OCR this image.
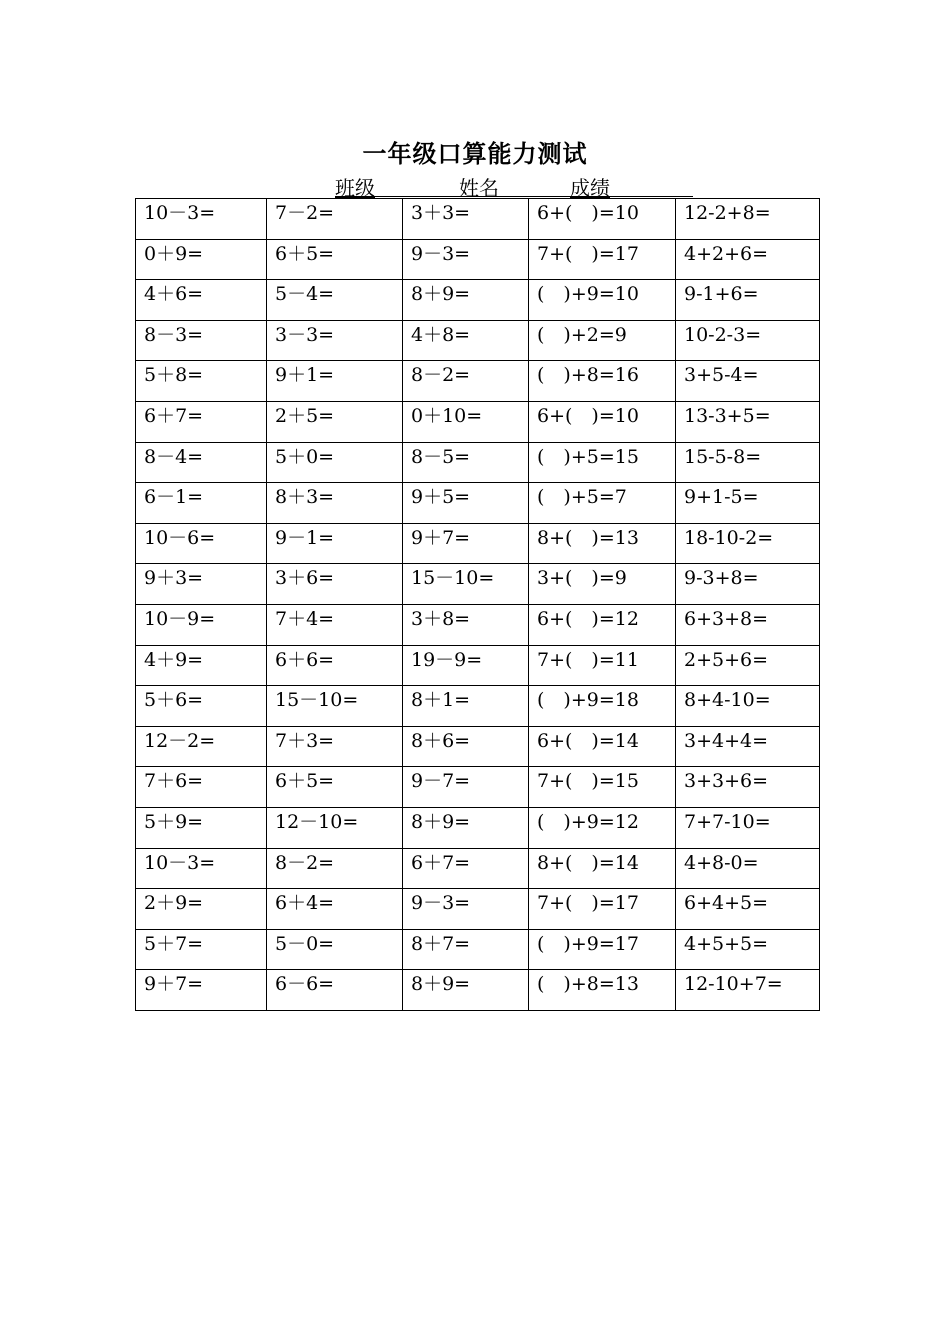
一年级口算能力测试
班级	姓名	成绩
10－3=	7－2=	3＋3=	6+(　)=10	12-2+8=
0＋9=	6＋5=	9－3=	7+(　)=17	4+2+6=
4＋6=	5－4=	8＋9=	(　)+9=10	9-1+6=
8－3=	3－3=	4＋8=	(　)+2=9	10-2-3=
5＋8=	9＋1=	8－2=	(　)+8=16	3+5-4=
6＋7=	2＋5=	0＋10=	6+(　)=10	13-3+5=
8－4=	5＋0=	8－5=	(　)+5=15	15-5-8=
6－1=	8＋3=	9＋5=	(　)+5=7	9+1-5=
10－6=	9－1=	9＋7=	8+(　)=13	18-10-2=
9＋3=	3＋6=	15－10=	3+(　)=9	9-3+8=
10－9=	7＋4=	3＋8=	6+(　)=12	6+3+8=
4＋9=	6＋6=	19－9=	7+(　)=11	2+5+6=
5＋6=	15－10=	8＋1=	(　)+9=18	8+4-10=
12－2=	7＋3=	8＋6=	6+(　)=14	3+4+4=
7＋6=	6＋5=	9－7=	7+(　)=15	3+3+6=
5＋9=	12－10=	8＋9=	(　)+9=12	7+7-10=
10－3=	8－2=	6＋7=	8+(　)=14	4+8-0=
2＋9=	6＋4=	9－3=	7+(　)=17	6+4+5=
5＋7=	5－0=	8＋7=	(　)+9=17	4+5+5=
9＋7=	6－6=	8＋9=	(　)+8=13	12-10+7=
